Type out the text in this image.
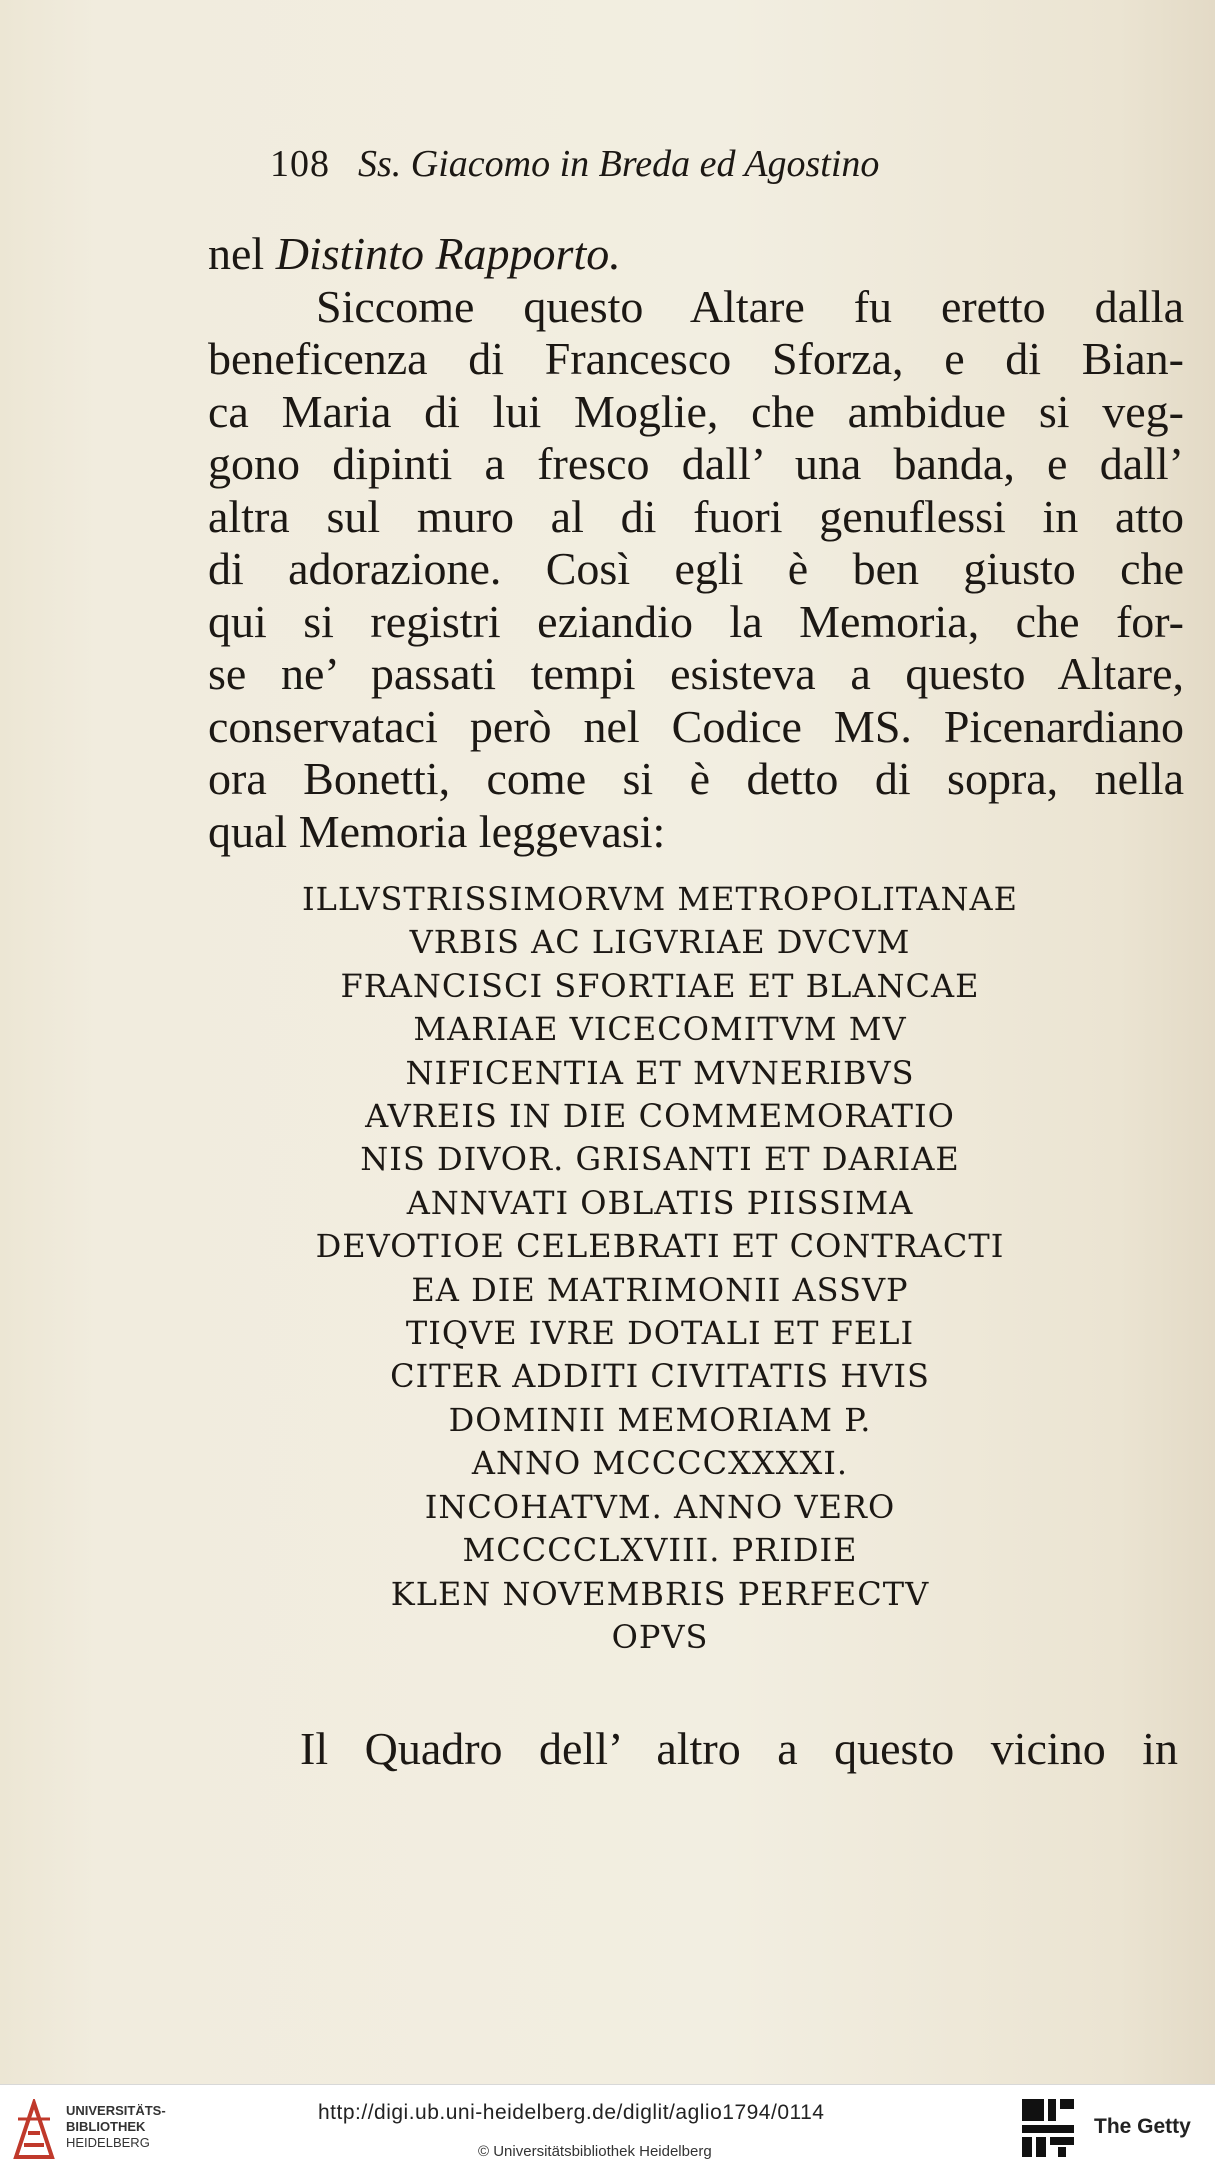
108 Ss. Giacomo in Breda ed Agostino
nel Distinto Rapporto.
Siccome questo Altare fu eretto dalla
beneficenza di Francesco Sforza, e di Bian-
ca Maria di lui Moglie, che ambidue si veg-
gono dipinti a fresco dall’ una banda, e dall’
altra sul muro al di fuori genuflessi in atto
di adorazione. Così egli è ben giusto che
qui si registri eziandio la Memoria, che for-
se ne’ passati tempi esisteva a questo Altare,
conservataci però nel Codice MS. Picenardiano
ora Bonetti, come si è detto di sopra, nella
qual Memoria leggevasi:
ILLVSTRISSIMORVM METROPOLITANAE
VRBIS AC LIGVRIAE DVCVM
FRANCISCI SFORTIAE ET BLANCAE
MARIAE VICECOMITVM MV
NIFICENTIA ET MVNERIBVS
AVREIS IN DIE COMMEMORATIO
NIS DIVOR. GRISANTI ET DARIAE
ANNVATI OBLATIS PIISSIMA
DEVOTIOE CELEBRATI ET CONTRACTI
EA DIE MATRIMONII ASSVP
TIQVE IVRE DOTALI ET FELI
CITER ADDITI CIVITATIS HVIS
DOMINII MEMORIAM P.
ANNO MCCCCXXXXI.
INCOHATVM. ANNO VERO
MCCCCLXVIII. PRIDIE
KLEN NOVEMBRIS PERFECTV
OPVS
Il Quadro dell’ altro a questo vicino in
UNIVERSITÄTS-
BIBLIOTHEK
HEIDELBERG
http://digi.ub.uni-heidelberg.de/diglit/aglio1794/0114
© Universitätsbibliothek Heidelberg
The Getty
